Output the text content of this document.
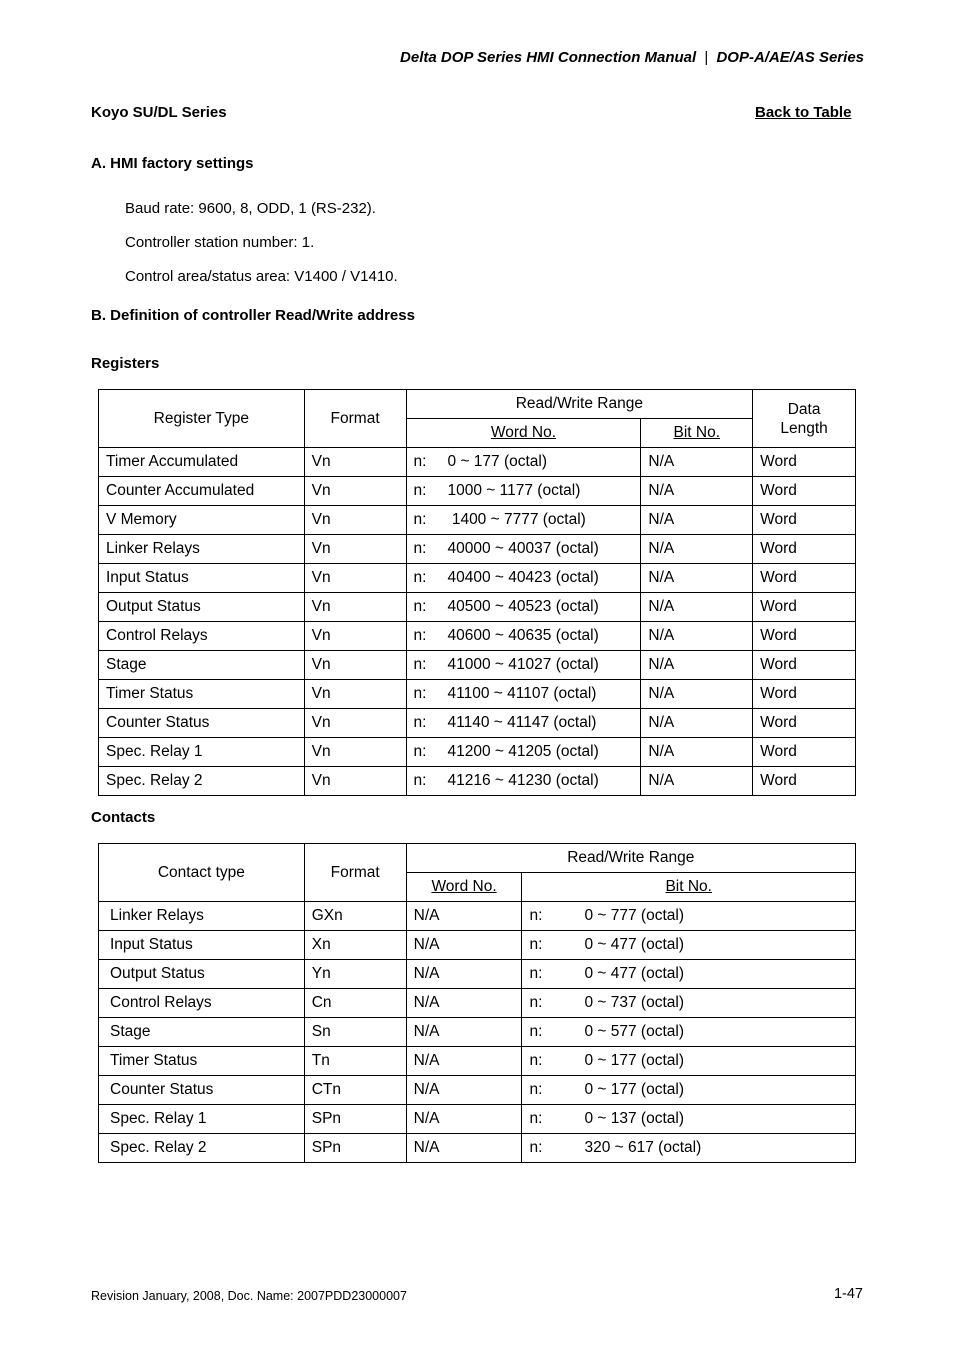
Delta DOP Series HMI Connection Manual | DOP-A/AE/AS Series
Koyo SU/DL Series	Back to Table
A. HMI factory settings
Baud rate: 9600, 8, ODD, 1 (RS-232).
Controller station number: 1.
Control area/status area: V1400 / V1410.
B. Definition of controller Read/Write address
Registers
Register Type	Format	Read/Write Range		Data
Length
		Word No.	Bit No.	
Timer Accumulated	Vn	n: 0 ~ 177 (octal)	N/A	Word
Counter Accumulated	Vn	n: 1000 ~ 1177 (octal)	N/A	Word
V Memory	Vn	n: 1400 ~ 7777 (octal)	N/A	Word
Linker Relays	Vn	n: 40000 ~ 40037 (octal)	N/A	Word
Input Status	Vn	n: 40400 ~ 40423 (octal)	N/A	Word
Output Status	Vn	n: 40500 ~ 40523 (octal)	N/A	Word
Control Relays	Vn	n: 40600 ~ 40635 (octal)	N/A	Word
Stage	Vn	n: 41000 ~ 41027 (octal)	N/A	Word
Timer Status	Vn	n: 41100 ~ 41107 (octal)	N/A	Word
Counter Status	Vn	n: 41140 ~ 41147 (octal)	N/A	Word
Spec. Relay 1	Vn	n: 41200 ~ 41205 (octal)	N/A	Word
Spec. Relay 2	Vn	n: 41216 ~ 41230 (octal)	N/A	Word
Contacts
Contact type	Format	Read/Write Range	
		Word No.	Bit No.
Linker Relays	GXn	N/A	n: 0 ~ 777 (octal)
Input Status	Xn	N/A	n: 0 ~ 477 (octal)
Output Status	Yn	N/A	n: 0 ~ 477 (octal)
Control Relays	Cn	N/A	n: 0 ~ 737 (octal)
Stage	Sn	N/A	n: 0 ~ 577 (octal)
Timer Status	Tn	N/A	n: 0 ~ 177 (octal)
Counter Status	CTn	N/A	n: 0 ~ 177 (octal)
Spec. Relay 1	SPn	N/A	n: 0 ~ 137 (octal)
Spec. Relay 2	SPn	N/A	n: 320 ~ 617 (octal)
Revision January, 2008, Doc. Name: 2007PDD23000007	1-47
